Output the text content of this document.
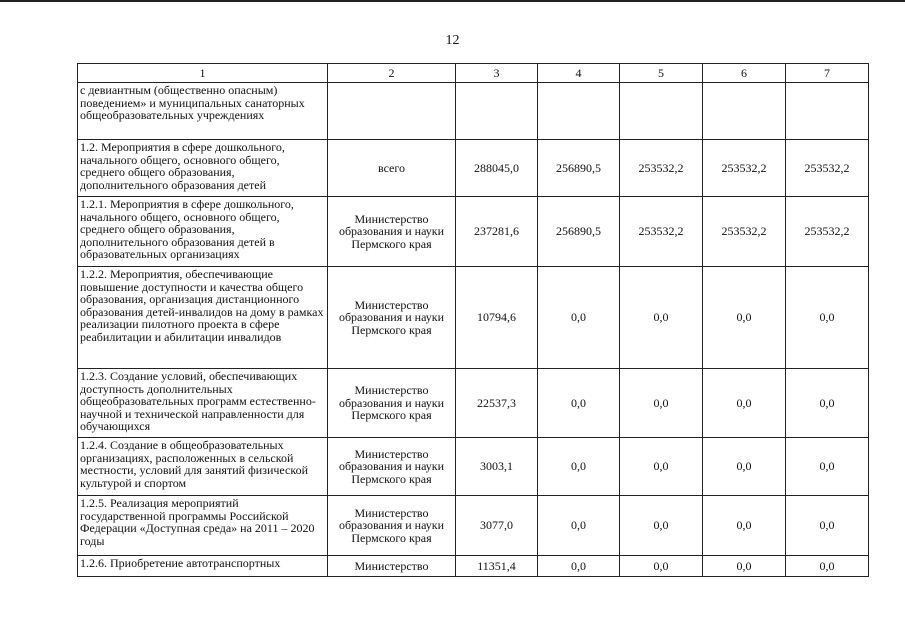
12
1	2	3	4	5	6	7
с девиантным (общественно опасным) поведением» и муниципальных санаторных общеобразовательных учреждениях						
1.2. Мероприятия в сфере дошкольного, начального общего, основного общего, среднего общего образования, дополнительного образования детей	всего	288045,0	256890,5	253532,2	253532,2	253532,2
1.2.1. Мероприятия в сфере дошкольного, начального общего, основного общего, среднего общего образования, дополнительного образования детей в образовательных организациях	Министерство образования и науки Пермского края	237281,6	256890,5	253532,2	253532,2	253532,2
1.2.2. Мероприятия, обеспечивающие повышение доступности и качества общего образования, организация дистанционного образования детей-инвалидов на дому в рамках реализации пилотного проекта в сфере реабилитации и абилитации инвалидов	Министерство образования и науки Пермского края	10794,6	0,0	0,0	0,0	0,0
1.2.3. Создание условий, обеспечивающих доступность дополнительных общеобразовательных программ естественно-научной и технической направленности для обучающихся	Министерство образования и науки Пермского края	22537,3	0,0	0,0	0,0	0,0
1.2.4. Создание в общеобразовательных организациях, расположенных в сельской местности, условий для занятий физической культурой и спортом	Министерство образования и науки Пермского края	3003,1	0,0	0,0	0,0	0,0
1.2.5. Реализация мероприятий государственной программы Российской Федерации «Доступная среда» на 2011 – 2020 годы	Министерство образования и науки Пермского края	3077,0	0,0	0,0	0,0	0,0
1.2.6. Приобретение автотранспортных	Министерство	11351,4	0,0	0,0	0,0	0,0
